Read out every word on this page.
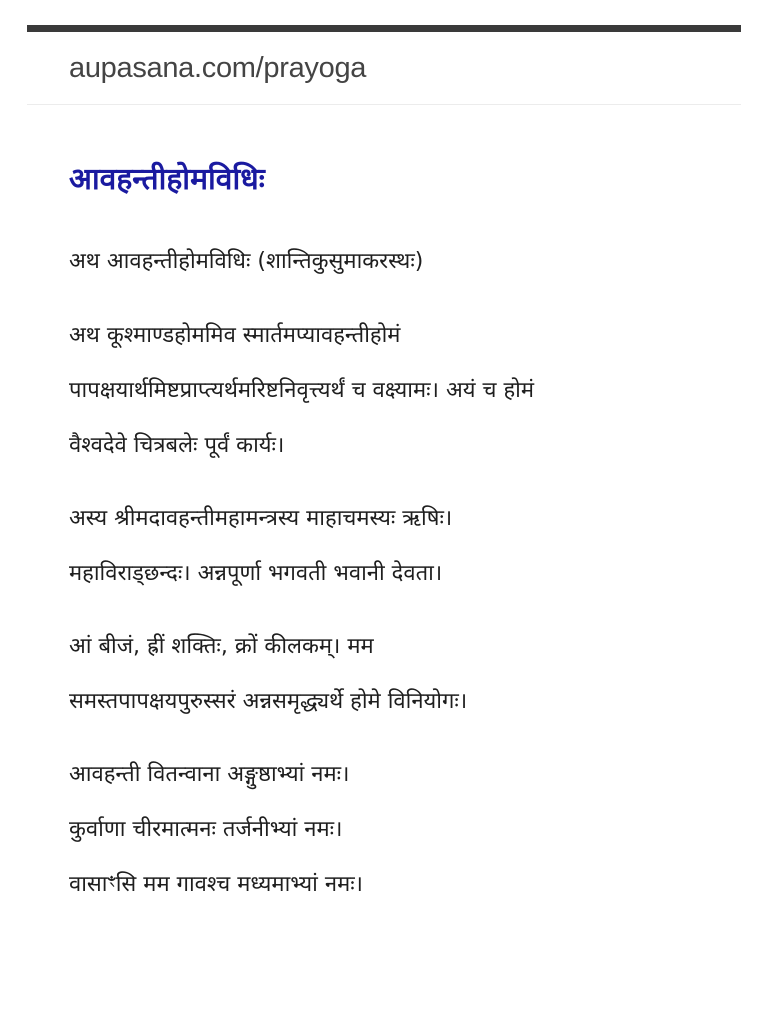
aupasana.com/prayoga
आवहन्तीहोमविधिः
अथ आवहन्तीहोमविधिः (शान्तिकुसुमाकरस्थः)
अथ कूश्माण्डहोममिव स्मार्तमप्यावहन्तीहोमं
पापक्षयार्थमिष्टप्राप्त्यर्थमरिष्टनिवृत्त्यर्थं च वक्ष्यामः। अयं च होमं
वैश्वदेवे चित्रबलेः पूर्वं कार्यः।
अस्य श्रीमदावहन्तीमहामन्त्रस्य माहाचमस्यः ऋषिः।
महाविराड्छन्दः। अन्नपूर्णा भगवती भवानी देवता।
आं बीजं, ह्रीं शक्तिः, क्रों कीलकम्। मम
समस्तपापक्षयपुरुस्सरं अन्नसमृद्ध्यर्थे होमे विनियोगः।
आवहन्ती वितन्वाना अङ्गुष्ठाभ्यां नमः।
कुर्वाणा चीरमात्मनः तर्जनीभ्यां नमः।
वासाꣳसि मम गावश्च मध्यमाभ्यां नमः।
